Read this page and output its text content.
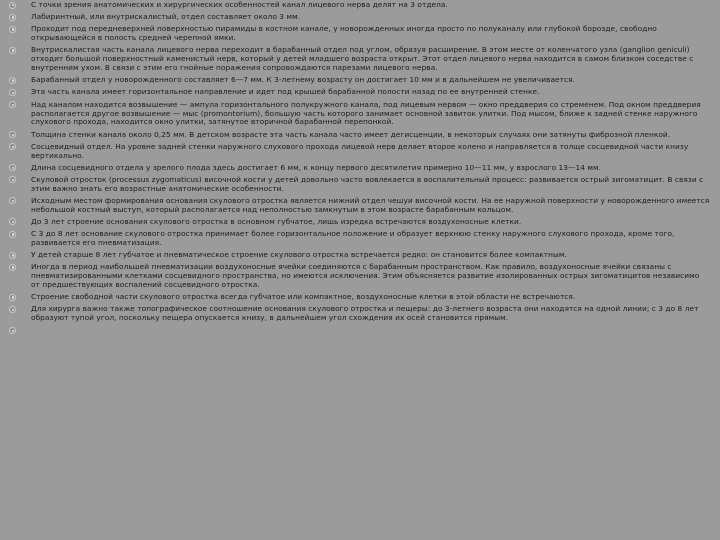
С точки зрения анатомических и хирургических особенностей канал лицевого нерва делят на 3 отдела.
Лабиринтный, или внутрискалистый, отдел составляет около 3 мм.
Проходит под передневерхней поверхностью пирамиды в костном канале, у новорожденных иногда просто по полуканалу или глубокой борозде, свободно открывающейся в полость средней черепной ямки.
Внутрискалистая часть канала лицевого нерва переходит в барабанный отдел под углом, образуя расширение. В этом месте от коленчатого узла (ganglion geniculi) отходит большой поверхностный каменистый нерв, который у детей младшего возраста открыт. Этот отдел лицевого нерва находится в самом близком соседстве с внутренним ухом. В связи с этим его гнойные поражения сопровождаются парезами лицевого нерва.
Барабанный отдел у новорожденного составляет 6—7 мм. К 3-летнему возрасту он достигает 10 мм и в дальнейшем не увеличивается.
Эта часть канала имеет горизонтальное направление и идет под крышей барабанной полости назад по ее внутренней стенке.
Над каналом находится возвышение — ампула горизонтального полукружного канала, под лицевым нервом — окно преддверия со стременем. Под окном преддверия располагается другое возвышение — мыс (promontorium), большую часть которого занимает основной завиток улитки. Под мысом, ближе к задней стенке наружного слухового прохода, находится окно улитки, затянутое вторичной барабанной перепонкой.
Толщина стенки канала около 0,25 мм. В детском возрасте эта часть канала часто имеет дегисценции, в некоторых случаях они затянуты фиброзной пленкой.
Сосцевидный отдел. На уровне задней стенки наружного слухового прохода лицевой нерв делает второе колено и направляется в толще сосцевидной части книзу вертикально.
Длина сосцевидного отдела у зрелого плода здесь достигает 6 мм, к концу первого десятилетия примерно 10—11 мм, у взрослого 13—14 мм.
Скуловой отросток (processus zygomaticus) височной кости у детей довольно часто вовлекается в воспалительный процесс: развивается острый зигоматицит. В связи с этим важно знать его возрастные анатомические особенности.
Исходным местом формирования основания скулового отростка является нижний отдел чешуи височной кости. На ее наружной поверхности у новорожденного имеется небольшой костный выступ, который располагается над неполностью замкнутым в этом возрасте барабанным кольцом.
До 3 лет строение основания скулового отростка в основном губчатое, лишь изредка встречаются воздухоносные клетки.
С 3 до 8 лет основание скулового отростка принимает более горизонтальное положение и образует верхнюю стенку наружного слухового прохода, кроме того, развивается его пневматизация.
У детей старше 8 лет губчатое и пневматическое строение скулового отростка встречается редко: он становится более компактным.
Иногда в период наибольшей пневматизации воздухоносные ячейки соединяются с барабанным пространством. Как правило, воздухоносные ячейки связаны с пневматизированными клетками сосцевидного пространства, но имеются исключения. Этим объясняется развитие изолированных острых зигоматицитов независимо от предшествующих воспалений сосцевидного отростка.
Строение свободной части скулового отростка всегда губчатое или компактное, воздухоносные клетки в этой области не встречаются.
Для хирурга важно также топографическое соотношение основания скулового отростка и пещеры: до 3-летнего возраста они находятся на одной линии; с 3 до 8 лет образуют тупой угол, поскольку пещера опускается книзу, в дальнейшем угол схождения их осей становится прямым.
